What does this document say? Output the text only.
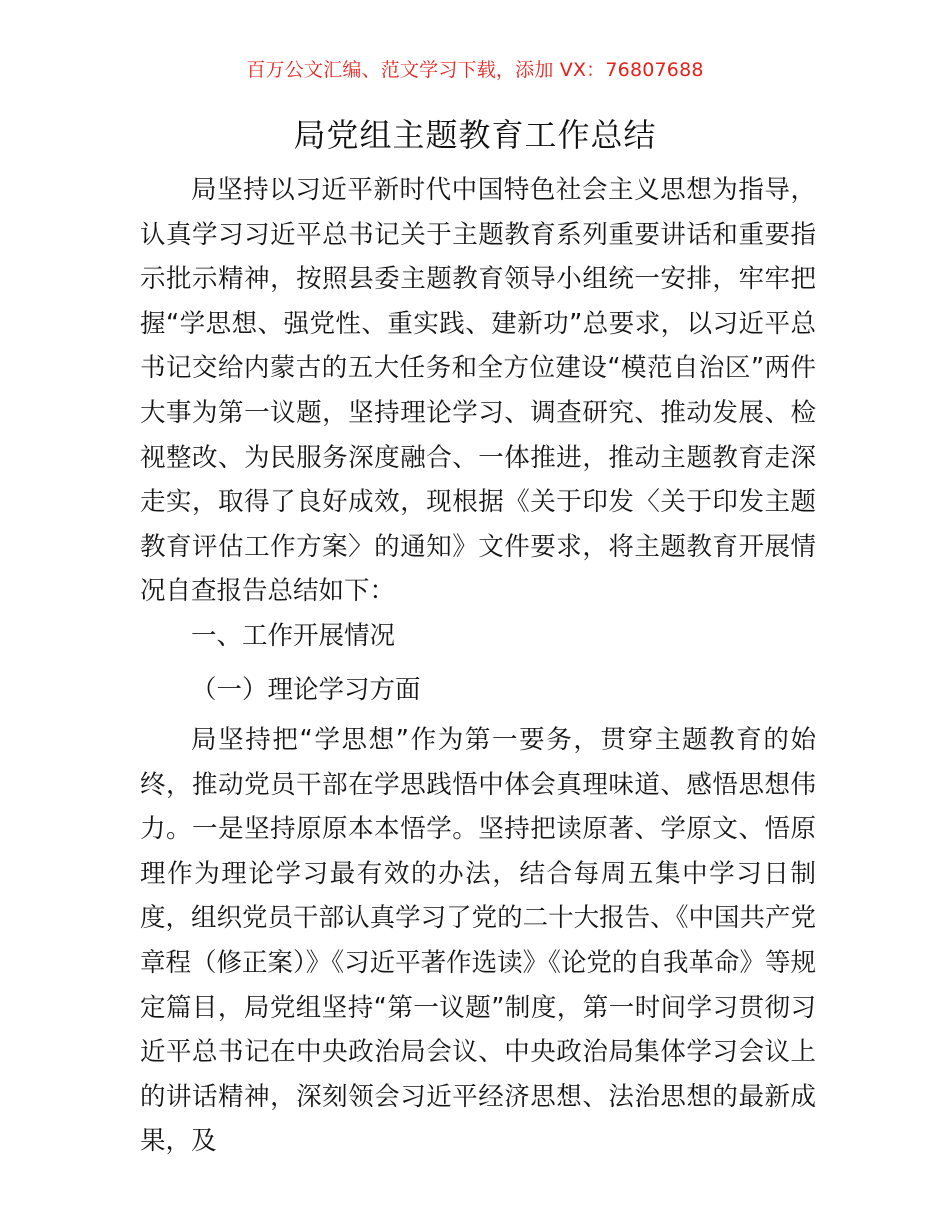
百万公文汇编、范文学习下载，添加 VX：76807688
局党组主题教育工作总结

局坚持以习近平新时代中国特色社会主义思想为指导，认真学习习近平总书记关于主题教育系列重要讲话和重要指示批示精神，按照县委主题教育领导小组统一安排，牢牢把握“学思想、强党性、重实践、建新功”总要求，以习近平总书记交给内蒙古的五大任务和全方位建设“模范自治区”两件大事为第一议题，坚持理论学习、调查研究、推动发展、检视整改、为民服务深度融合、一体推进，推动主题教育走深走实，取得了良好成效，现根据《关于印发〈关于印发主题教育评估工作方案〉的通知》文件要求，将主题教育开展情况自查报告总结如下：

一、工作开展情况

（一）理论学习方面

局坚持把“学思想”作为第一要务，贯穿主题教育的始终，推动党员干部在学思践悟中体会真理味道、感悟思想伟力。一是坚持原原本本悟学。坚持把读原著、学原文、悟原理作为理论学习最有效的办法，结合每周五集中学习日制度，组织党员干部认真学习了党的二十大报告、《中国共产党章程（修正案）》《习近平著作选读》《论党的自我革命》等规定篇目，局党组坚持“第一议题”制度，第一时间学习贯彻习近平总书记在中央政治局会议、中央政治局集体学习会议上的讲话精神，深刻领会习近平经济思想、法治思想的最新成果，及
